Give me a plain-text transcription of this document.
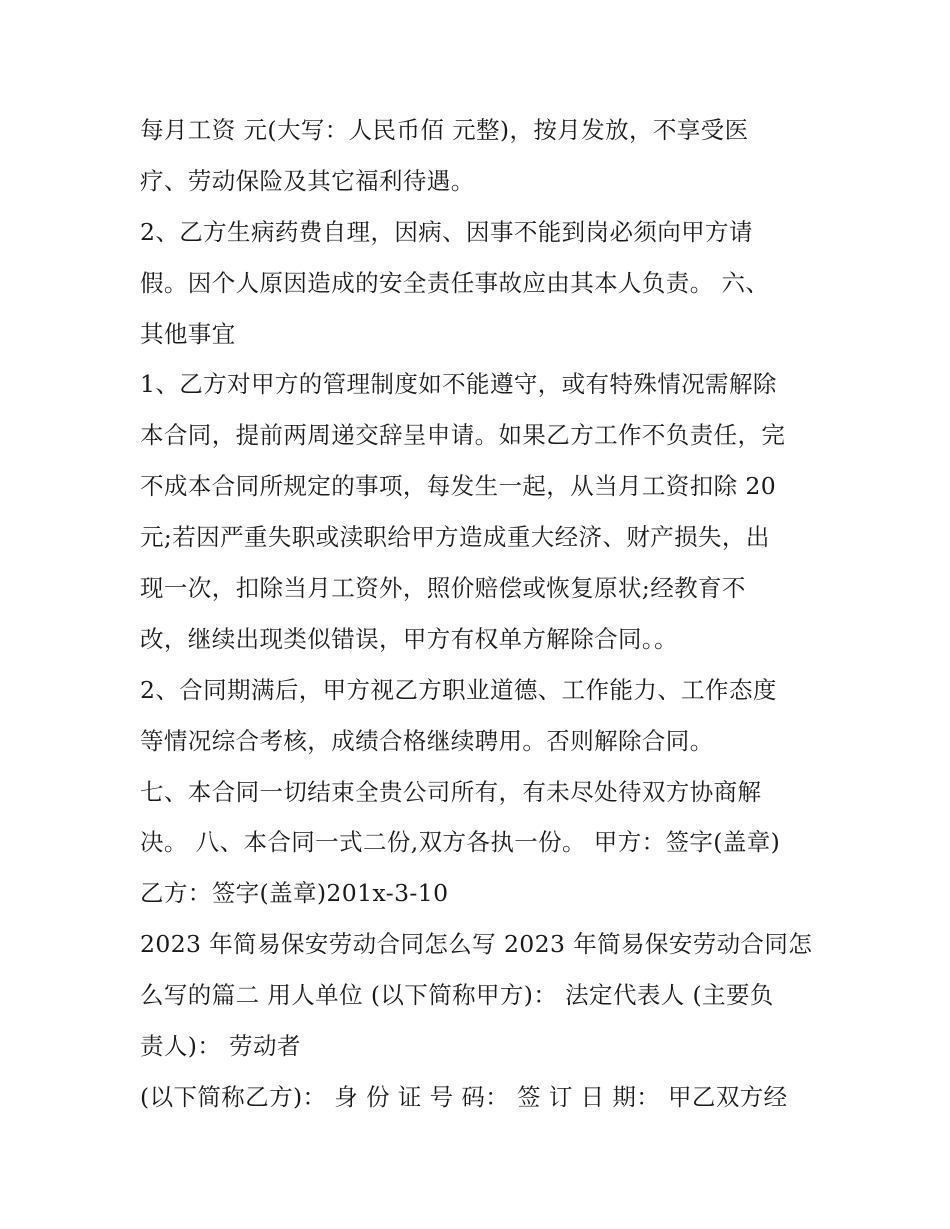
每月工资 元(大写：人民币佰 元整)，按月发放，不享受医
疗、劳动保险及其它福利待遇。
2、乙方生病药费自理，因病、因事不能到岗必须向甲方请
假。因个人原因造成的安全责任事故应由其本人负责。 六、
其他事宜
1、乙方对甲方的管理制度如不能遵守，或有特殊情况需解除
本合同，提前两周递交辞呈申请。如果乙方工作不负责任，完
不成本合同所规定的事项，每发生一起，从当月工资扣除 20
元;若因严重失职或渎职给甲方造成重大经济、财产损失，出
现一次，扣除当月工资外，照价赔偿或恢复原状;经教育不
改，继续出现类似错误，甲方有权单方解除合同。。
2、合同期满后，甲方视乙方职业道德、工作能力、工作态度
等情况综合考核，成绩合格继续聘用。否则解除合同。
七、本合同一切结束全贵公司所有，有未尽处待双方协商解
决。 八、本合同一式二份,双方各执一份。 甲方：签字(盖章)
乙方：签字(盖章)201x-3-10
2023 年简易保安劳动合同怎么写 2023 年简易保安劳动合同怎
么写的篇二 用人单位 (以下简称甲方)： 法定代表人 (主要负
责人)： 劳动者
(以下简称乙方)： 身 份 证 号 码： 签 订 日 期： 甲乙双方经
